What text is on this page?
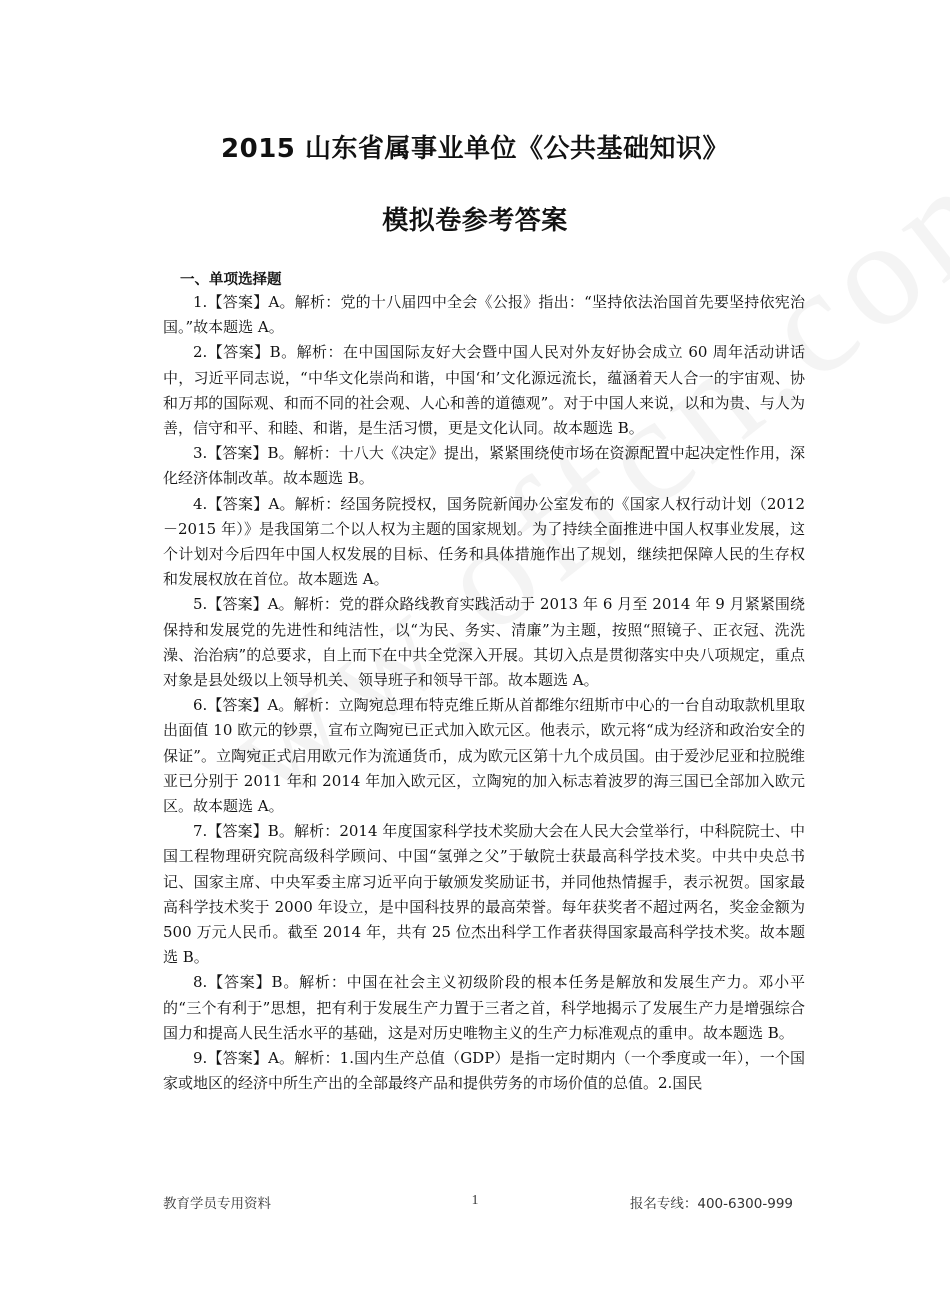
2015 山东省属事业单位《公共基础知识》
模拟卷参考答案
一、单项选择题

1.【答案】A。解析：党的十八届四中全会《公报》指出：“坚持依法治国首先要坚持依宪治国。”故本题选 A。

2.【答案】B。解析：在中国国际友好大会暨中国人民对外友好协会成立 60 周年活动讲话中，习近平同志说，“中华文化崇尚和谐，中国‘和’文化源远流长，蕴涵着天人合一的宇宙观、协和万邦的国际观、和而不同的社会观、人心和善的道德观”。对于中国人来说，以和为贵、与人为善，信守和平、和睦、和谐，是生活习惯，更是文化认同。故本题选 B。

3.【答案】B。解析：十八大《决定》提出，紧紧围绕使市场在资源配置中起决定性作用，深化经济体制改革。故本题选 B。

4.【答案】A。解析：经国务院授权，国务院新闻办公室发布的《国家人权行动计划（2012－2015 年）》是我国第二个以人权为主题的国家规划。为了持续全面推进中国人权事业发展，这个计划对今后四年中国人权发展的目标、任务和具体措施作出了规划，继续把保障人民的生存权和发展权放在首位。故本题选 A。

5.【答案】A。解析：党的群众路线教育实践活动于 2013 年 6 月至 2014 年 9 月紧紧围绕保持和发展党的先进性和纯洁性，以“为民、务实、清廉”为主题，按照“照镜子、正衣冠、洗洗澡、治治病”的总要求，自上而下在中共全党深入开展。其切入点是贯彻落实中央八项规定，重点对象是县处级以上领导机关、领导班子和领导干部。故本题选 A。

6.【答案】A。解析：立陶宛总理布特克维丘斯从首都维尔纽斯市中心的一台自动取款机里取出面值 10 欧元的钞票，宣布立陶宛已正式加入欧元区。他表示，欧元将“成为经济和政治安全的保证”。立陶宛正式启用欧元作为流通货币，成为欧元区第十九个成员国。由于爱沙尼亚和拉脱维亚已分别于 2011 年和 2014 年加入欧元区，立陶宛的加入标志着波罗的海三国已全部加入欧元区。故本题选 A。

7.【答案】B。解析：2014 年度国家科学技术奖励大会在人民大会堂举行，中科院院士、中国工程物理研究院高级科学顾问、中国“氢弹之父”于敏院士获最高科学技术奖。中共中央总书记、国家主席、中央军委主席习近平向于敏颁发奖励证书，并同他热情握手，表示祝贺。国家最高科学技术奖于 2000 年设立，是中国科技界的最高荣誉。每年获奖者不超过两名，奖金金额为 500 万元人民币。截至 2014 年，共有 25 位杰出科学工作者获得国家最高科学技术奖。故本题选 B。

8.【答案】B。解析：中国在社会主义初级阶段的根本任务是解放和发展生产力。邓小平的“三个有利于”思想，把有利于发展生产力置于三者之首，科学地揭示了发展生产力是增强综合国力和提高人民生活水平的基础，这是对历史唯物主义的生产力标准观点的重申。故本题选 B。

9.【答案】A。解析：1.国内生产总值（GDP）是指一定时期内（一个季度或一年），一个国家或地区的经济中所生产出的全部最终产品和提供劳务的市场价值的总值。2.国民

教育学员专用资料	1	报名专线：400-6300-999
